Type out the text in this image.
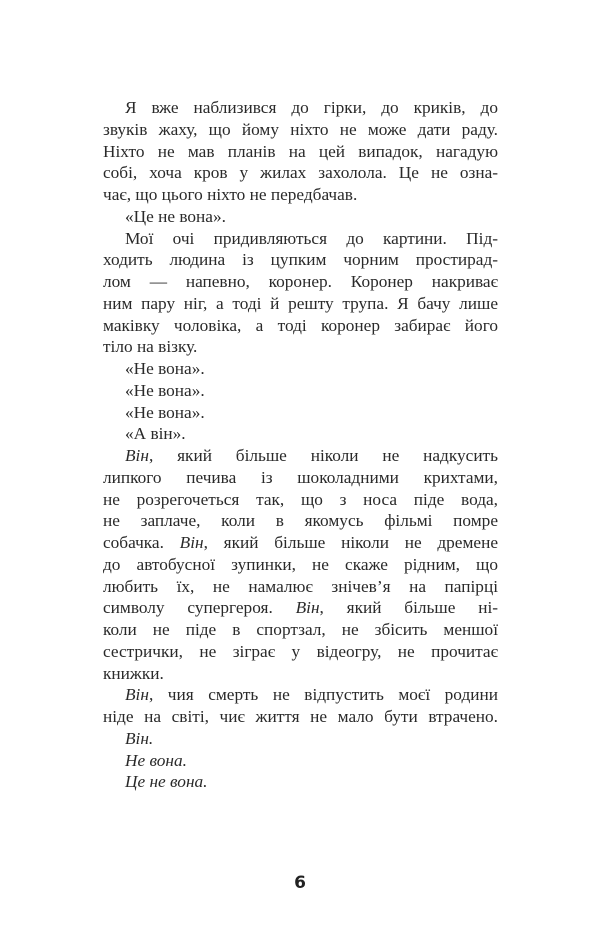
Я вже наблизився до гірки, до криків, до
звуків жаху, що йому ніхто не може дати раду.
Ніхто не мав планів на цей випадок, нагадую
собі, хоча кров у жилах захолола. Це не озна-
чає, що цього ніхто не передбачав.
«Це не вона».
Мої очі придивляються до картини. Під-
ходить людина із цупким чорним простирад-
лом — напевно, коронер. Коронер накриває
ним пару ніг, а тоді й решту трупа. Я бачу лише
маківку чоловіка, а тоді коронер забирає його
тіло на візку.
«Не вона».
«Не вона».
«Не вона».
«А він».
Він, який більше ніколи не надкусить
липкого печива із шоколадними крихтами,
не розрегочеться так, що з носа піде вода,
не заплаче, коли в якомусь фільмі помре
собачка. Він, який більше ніколи не дремене
до автобусної зупинки, не скаже рідним, що
любить їх, не намалює знічев’я на папірці
символу супергероя. Він, який більше ні-
коли не піде в спортзал, не збісить меншої
сестрички, не зіграє у відеогру, не прочитає
книжки.
Він, чия смерть не відпустить моєї родини
ніде на світі, чиє життя не мало бути втрачено.
Він.
Не вона.
Це не вона.
6
